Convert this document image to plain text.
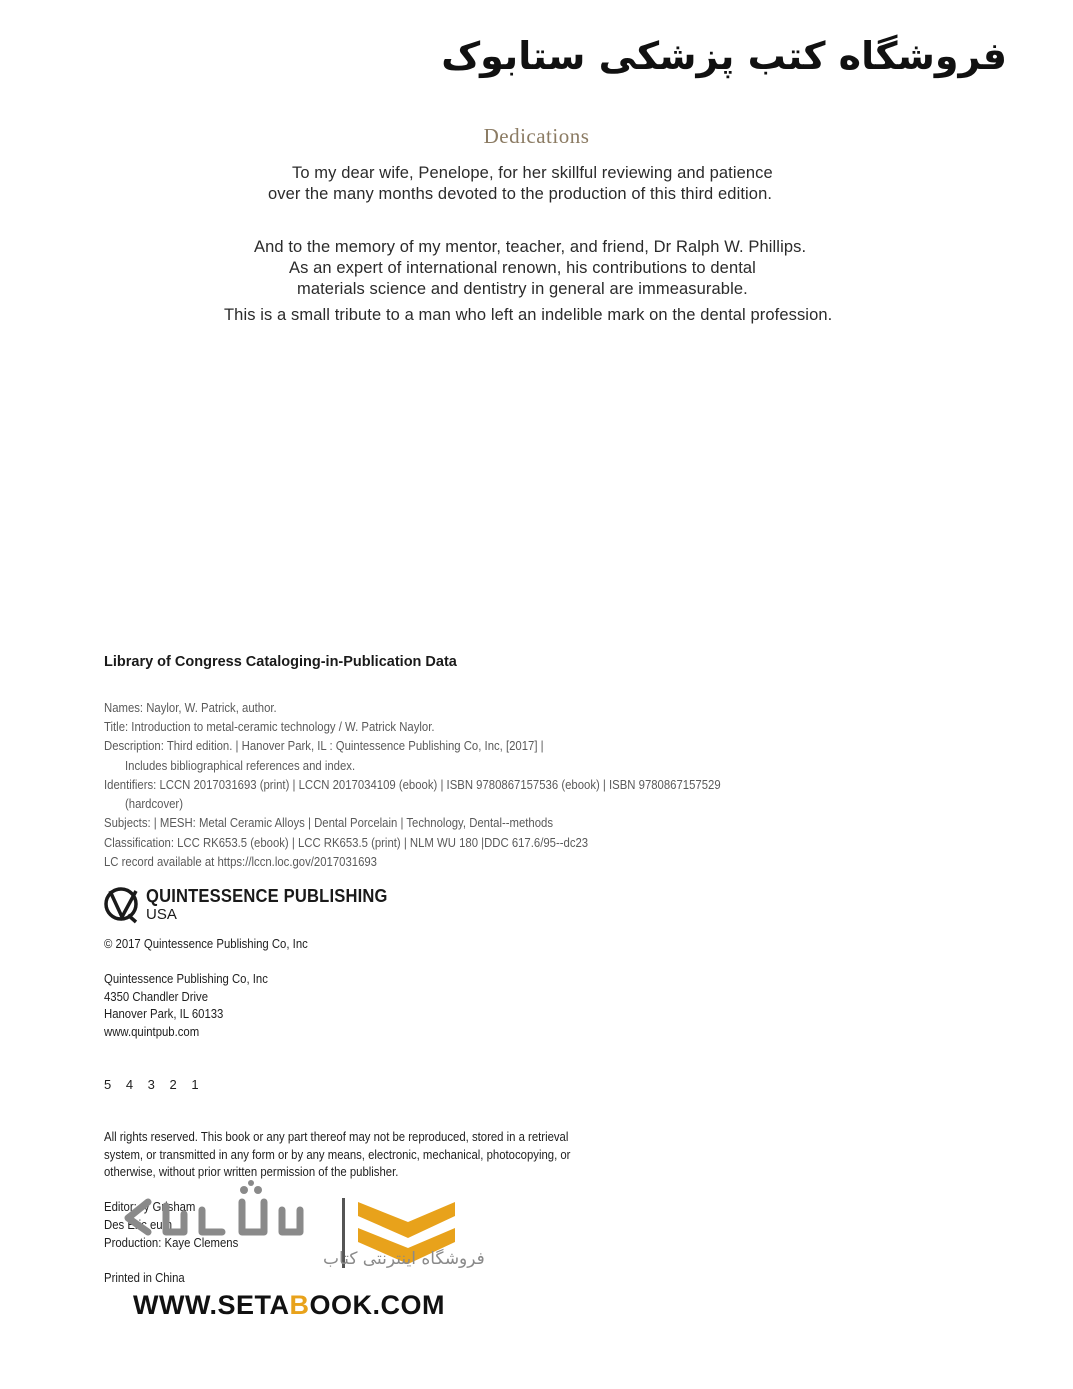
فروشگاه کتب پزشکی ستابوک
Dedications
To my dear wife, Penelope, for her skillful reviewing and patience
over the many months devoted to the production of this third edition.
And to the memory of my mentor, teacher, and friend, Dr Ralph W. Phillips.
As an expert of international renown, his contributions to dental
materials science and dentistry in general are immeasurable.
This is a small tribute to a man who left an indelible mark on the dental profession.
Library of Congress Cataloging-in-Publication Data
Names: Naylor, W. Patrick, author.
Title: Introduction to metal-ceramic technology / W. Patrick Naylor.
Description: Third edition. | Hanover Park, IL : Quintessence Publishing Co, Inc, [2017] |
Includes bibliographical references and index.
Identifiers: LCCN 2017031693 (print) | LCCN 2017034109 (ebook) | ISBN 9780867157536 (ebook) | ISBN 9780867157529
(hardcover)
Subjects: | MESH: Metal Ceramic Alloys | Dental Porcelain | Technology, Dental--methods
Classification: LCC RK653.5 (ebook) | LCC RK653.5 (print) | NLM WU 180 |DDC 617.6/95--dc23
LC record available at https://lccn.loc.gov/2017031693
QUINTESSENCE PUBLISHING
USA
© 2017 Quintessence Publishing Co, Inc
Quintessence Publishing Co, Inc
4350 Chandler Drive
Hanover Park, IL 60133
www.quintpub.com
5 4 3 2 1
All rights reserved. This book or any part thereof may not be reproduced, stored in a retrieval
system, or transmitted in any form or by any means, electronic, mechanical, photocopying, or
otherwise, without prior written permission of the publisher.
Editor: ry Grisham
Des Eric eum
Production: Kaye Clemens
Printed in China
فروشگاه اینترنتی کتاب
WWW.SETABOOK.COM
